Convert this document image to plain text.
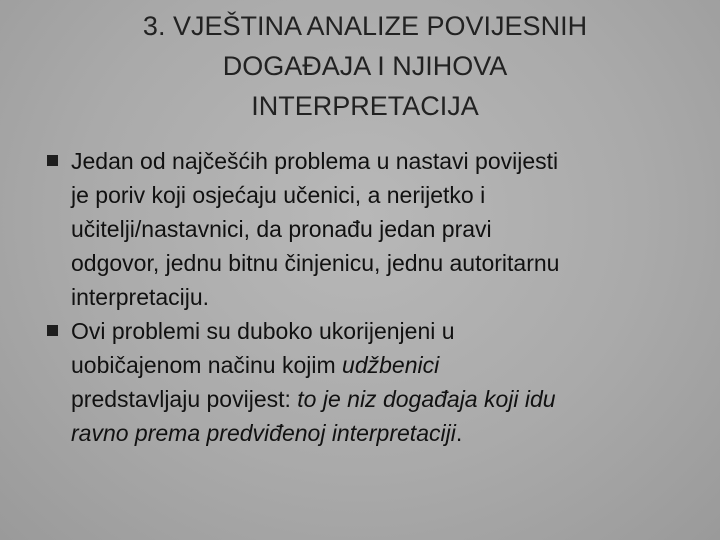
3. VJEŠTINA ANALIZE POVIJESNIH
DOGAĐAJA I NJIHOVA
INTERPRETACIJA
Jedan od najčešćih problema u nastavi povijesti
je poriv koji osjećaju učenici, a nerijetko i
učitelji/nastavnici, da pronađu jedan pravi
odgovor, jednu bitnu činjenicu, jednu autoritarnu
interpretaciju.
Ovi problemi su duboko ukorijenjeni u
uobičajenom načinu kojim udžbenici
predstavljaju povijest: to je niz događaja koji idu
ravno prema predviđenoj interpretaciji.
